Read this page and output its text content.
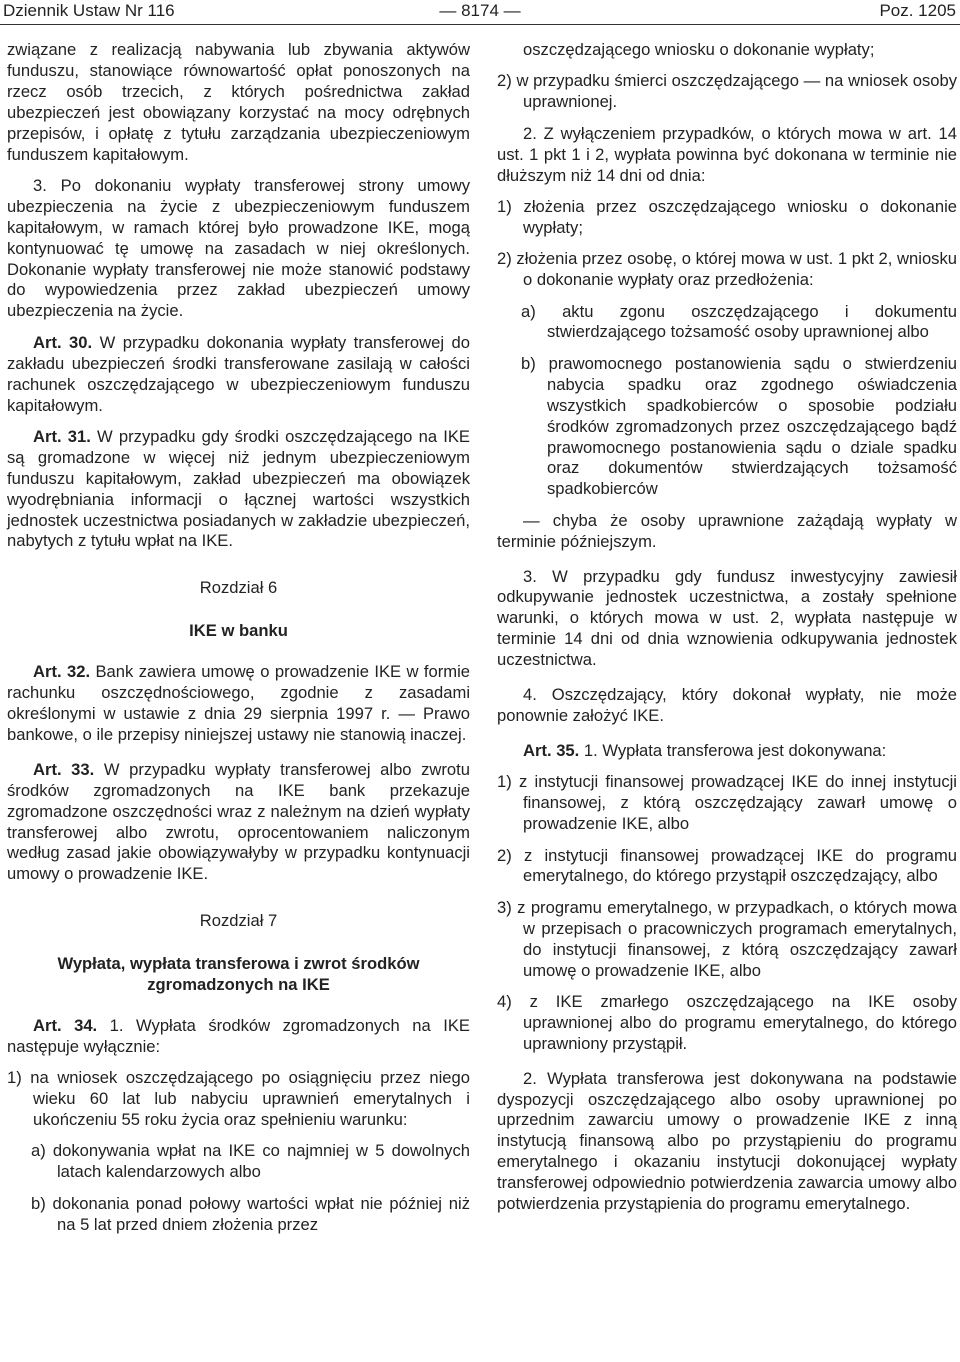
Dziennik Ustaw Nr 116	— 8174 —	Poz. 1205

związane z realizacją nabywania lub zbywania aktywów funduszu, stanowiące równowartość opłat ponoszonych na rzecz osób trzecich, z których pośrednictwa zakład ubezpieczeń jest obowiązany korzystać na mocy odrębnych przepisów, i opłatę z tytułu zarządzania ubezpieczeniowym funduszem kapitałowym.

3. Po dokonaniu wypłaty transferowej strony umowy ubezpieczenia na życie z ubezpieczeniowym funduszem kapitałowym, w ramach której było prowadzone IKE, mogą kontynuować tę umowę na zasadach w niej określonych. Dokonanie wypłaty transferowej nie może stanowić podstawy do wypowiedzenia przez zakład ubezpieczeń umowy ubezpieczenia na życie.

Art. 30. W przypadku dokonania wypłaty transferowej do zakładu ubezpieczeń środki transferowane zasilają w całości rachunek oszczędzającego w ubezpieczeniowym funduszu kapitałowym.

Art. 31. W przypadku gdy środki oszczędzającego na IKE są gromadzone w więcej niż jednym ubezpieczeniowym funduszu kapitałowym, zakład ubezpieczeń ma obowiązek wyodrębniania informacji o łącznej wartości wszystkich jednostek uczestnictwa posiadanych w zakładzie ubezpieczeń, nabytych z tytułu wpłat na IKE.

Rozdział 6
IKE w banku

Art. 32. Bank zawiera umowę o prowadzenie IKE w formie rachunku oszczędnościowego, zgodnie z zasadami określonymi w ustawie z dnia 29 sierpnia 1997 r. — Prawo bankowe, o ile przepisy niniejszej ustawy nie stanowią inaczej.

Art. 33. W przypadku wypłaty transferowej albo zwrotu środków zgromadzonych na IKE bank przekazuje zgromadzone oszczędności wraz z należnym na dzień wypłaty transferowej albo zwrotu, oprocentowaniem naliczonym według zasad jakie obowiązywałyby w przypadku kontynuacji umowy o prowadzenie IKE.

Rozdział 7
Wypłata, wypłata transferowa i zwrot środków zgromadzonych na IKE

Art. 34. 1. Wypłata środków zgromadzonych na IKE następuje wyłącznie:

1) na wniosek oszczędzającego po osiągnięciu przez niego wieku 60 lat lub nabyciu uprawnień emerytalnych i ukończeniu 55 roku życia oraz spełnieniu warunku:

a) dokonywania wpłat na IKE co najmniej w 5 dowolnych latach kalendarzowych albo

b) dokonania ponad połowy wartości wpłat nie później niż na 5 lat przed dniem złożenia przez

oszczędzającego wniosku o dokonanie wypłaty;

2) w przypadku śmierci oszczędzającego — na wniosek osoby uprawnionej.

2. Z wyłączeniem przypadków, o których mowa w art. 14 ust. 1 pkt 1 i 2, wypłata powinna być dokonana w terminie nie dłuższym niż 14 dni od dnia:

1) złożenia przez oszczędzającego wniosku o dokonanie wypłaty;

2) złożenia przez osobę, o której mowa w ust. 1 pkt 2, wniosku o dokonanie wypłaty oraz przedłożenia:

a) aktu zgonu oszczędzającego i dokumentu stwierdzającego tożsamość osoby uprawnionej albo

b) prawomocnego postanowienia sądu o stwierdzeniu nabycia spadku oraz zgodnego oświadczenia wszystkich spadkobierców o sposobie podziału środków zgromadzonych przez oszczędzającego bądź prawomocnego postanowienia sądu o dziale spadku oraz dokumentów stwierdzających tożsamość spadkobierców

— chyba że osoby uprawnione zażądają wypłaty w terminie późniejszym.

3. W przypadku gdy fundusz inwestycyjny zawiesił odkupywanie jednostek uczestnictwa, a zostały spełnione warunki, o których mowa w ust. 2, wypłata następuje w terminie 14 dni od dnia wznowienia odkupywania jednostek uczestnictwa.

4. Oszczędzający, który dokonał wypłaty, nie może ponownie założyć IKE.

Art. 35. 1. Wypłata transferowa jest dokonywana:

1) z instytucji finansowej prowadzącej IKE do innej instytucji finansowej, z którą oszczędzający zawarł umowę o prowadzenie IKE, albo

2) z instytucji finansowej prowadzącej IKE do programu emerytalnego, do którego przystąpił oszczędzający, albo

3) z programu emerytalnego, w przypadkach, o których mowa w przepisach o pracowniczych programach emerytalnych, do instytucji finansowej, z którą oszczędzający zawarł umowę o prowadzenie IKE, albo

4) z IKE zmarłego oszczędzającego na IKE osoby uprawnionej albo do programu emerytalnego, do którego uprawniony przystąpił.

2. Wypłata transferowa jest dokonywana na podstawie dyspozycji oszczędzającego albo osoby uprawnionej po uprzednim zawarciu umowy o prowadzenie IKE z inną instytucją finansową albo po przystąpieniu do programu emerytalnego i okazaniu instytucji dokonującej wypłaty transferowej odpowiednio potwierdzenia zawarcia umowy albo potwierdzenia przystąpienia do programu emerytalnego.
